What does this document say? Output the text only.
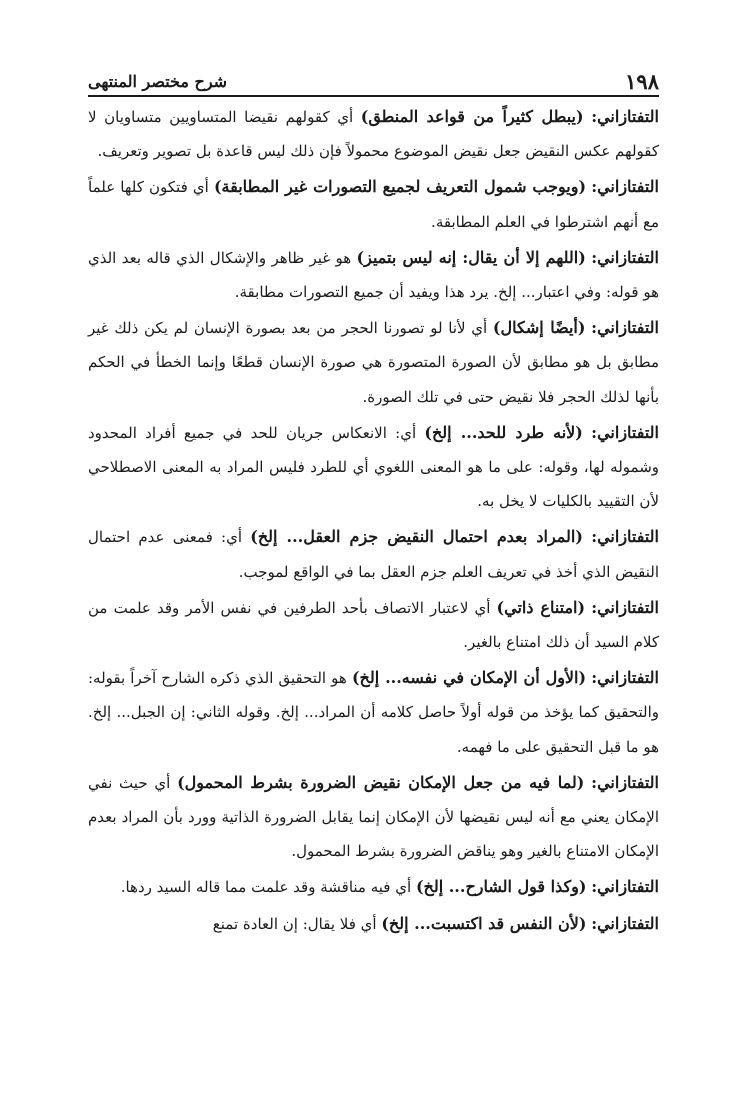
١٩٨
شرح مختصر المنتهى

التفتازاني: (يبطل كثيراً من قواعد المنطق) أي كقولهم نقيضا المتساويين متساويان لا كقولهم عكس النقيض جعل نقيض الموضوع محمولاً فإن ذلك ليس قاعدة بل تصوير وتعريف.

التفتازاني: (ويوجب شمول التعريف لجميع التصورات غير المطابقة) أي فتكون كلها علماً مع أنهم اشترطوا في العلم المطابقة.

التفتازاني: (اللهم إلا أن يقال: إنه ليس بتميز) هو غير ظاهر والإشكال الذي قاله بعد الذي هو قوله: وفي اعتبار... إلخ. يرد هذا ويفيد أن جميع التصورات مطابقة.

التفتازاني: (أيضًا إشكال) أي لأنا لو تصورنا الحجر من بعد بصورة الإنسان لم يكن ذلك غير مطابق بل هو مطابق لأن الصورة المتصورة هي صورة الإنسان قطعًا وإنما الخطأ في الحكم بأنها لذلك الحجر فلا نقيض حتى في تلك الصورة.

التفتازاني: (لأنه طرد للحد... إلخ) أي: الانعكاس جريان للحد في جميع أفراد المحدود وشموله لها، وقوله: على ما هو المعنى اللغوي أي للطرد فليس المراد به المعنى الاصطلاحي لأن التقييد بالكليات لا يخل به.

التفتازاني: (المراد بعدم احتمال النقيض جزم العقل... إلخ) أي: فمعنى عدم احتمال النقيض الذي أخذ في تعريف العلم جزم العقل بما في الواقع لموجب.

التفتازاني: (امتناع ذاتي) أي لاعتبار الاتصاف بأحد الطرفين في نفس الأمر وقد علمت من كلام السيد أن ذلك امتناع بالغير.

التفتازاني: (الأول أن الإمكان في نفسه... إلخ) هو التحقيق الذي ذكره الشارح آخراً بقوله: والتحقيق كما يؤخذ من قوله أولاً حاصل كلامه أن المراد... إلخ. وقوله الثاني: إن الجبل... إلخ. هو ما قبل التحقيق على ما فهمه.

التفتازاني: (لما فيه من جعل الإمكان نقيض الضرورة بشرط المحمول) أي حيث نفي الإمكان يعني مع أنه ليس نقيضها لأن الإمكان إنما يقابل الضرورة الذاتية وورد بأن المراد بعدم الإمكان الامتناع بالغير وهو يناقض الضرورة بشرط المحمول.

التفتازاني: (وكذا قول الشارح... إلخ) أي فيه مناقشة وقد علمت مما قاله السيد ردها.

التفتازاني: (لأن النفس قد اكتسبت... إلخ) أي فلا يقال: إن العادة تمنع
